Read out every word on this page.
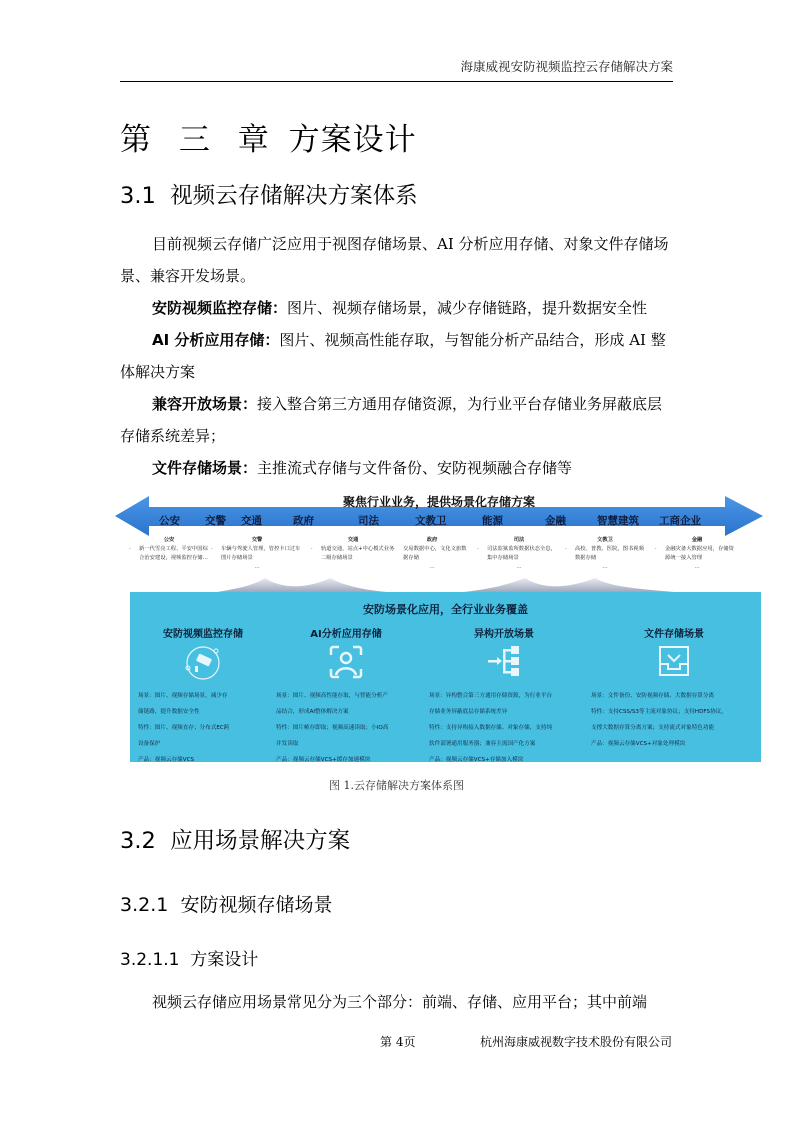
海康威视安防视频监控云存储解决方案
第 三 章 方案设计
3.1 视频云存储解决方案体系

目前视频云存储广泛应用于视图存储场景、AI 分析应用存储、对象文件存储场景、兼容开发场景。

安防视频监控存储：图片、视频存储场景，减少存储链路，提升数据安全性

AI 分析应用存储：图片、视频高性能存取，与智能分析产品结合，形成 AI 整体解决方案

兼容开放场景：接入整合第三方通用存储资源，为行业平台存储业务屏蔽底层存储系统差异；

文件存储场景：主推流式存储与文件备份、安防视频融合存储等

聚焦行业业务，提供场景化存储方案
公安 交警 交通	政府	司法	文教卫	能源	金融	智慧建筑 工商企业
公安
· 新一代雪亮工程、平安中国综合治安建设，视频监控存储…
交警
· 车辆与驾驶人管理，管控卡口过车图片存储场景
…
交通
· 轨道交通，站点+中心模式业务二级存储场景
政府
· 交易数据中心，文化文旅数据存储
…
司法
· 司法监狱监所数据状态全息，集中存储场景
…
文教卫
· 高校、普教、医院，图书视频数据存储
…
金融
· 金融灾备大数据应用，存储资源统一接入管理
…
安防场景化应用，全行业业务覆盖
安防视频监控存储
场景：图片、视频存储场景，减少存
储链路，提升数据安全性
特性：图片、视频直存；分布式EC跨
设备保护
产品：视频云存储VCS
AI分析应用存储
场景：图片、视频高性能存取，与智能分析产
品结合，形成AI整体解决方案
特性：图片帧存即取；视频高速读取；小IO高
并发读取
产品：视频云存储VCS+缓存加速模块
异构开放场景
场景：异构整合第三方通用存储资源，为行业平台
存储业务屏蔽底层存储系统差异
特性：支持异构接入数据存储、对象存储，支持纯
软件部署通用服务器；兼容主流国产化方案
产品：视频云存储VCS+存储加入模块
文件存储场景
场景：文件备份、安防视频存储、大数据存算分离
特性：支持CSS/S3等主流对象协议；支持HDFS协议，
支撑大数据存算分离方案；支持流式对象特色功能
产品：视频云存储VCS+对象处理模块
图 1.云存储解决方案体系图
3.2 应用场景解决方案
3.2.1 安防视频存储场景
3.2.1.1 方案设计

视频云存储应用场景常见分为三个部分：前端、存储、应用平台；其中前端

第 4页	杭州海康威视数字技术股份有限公司
